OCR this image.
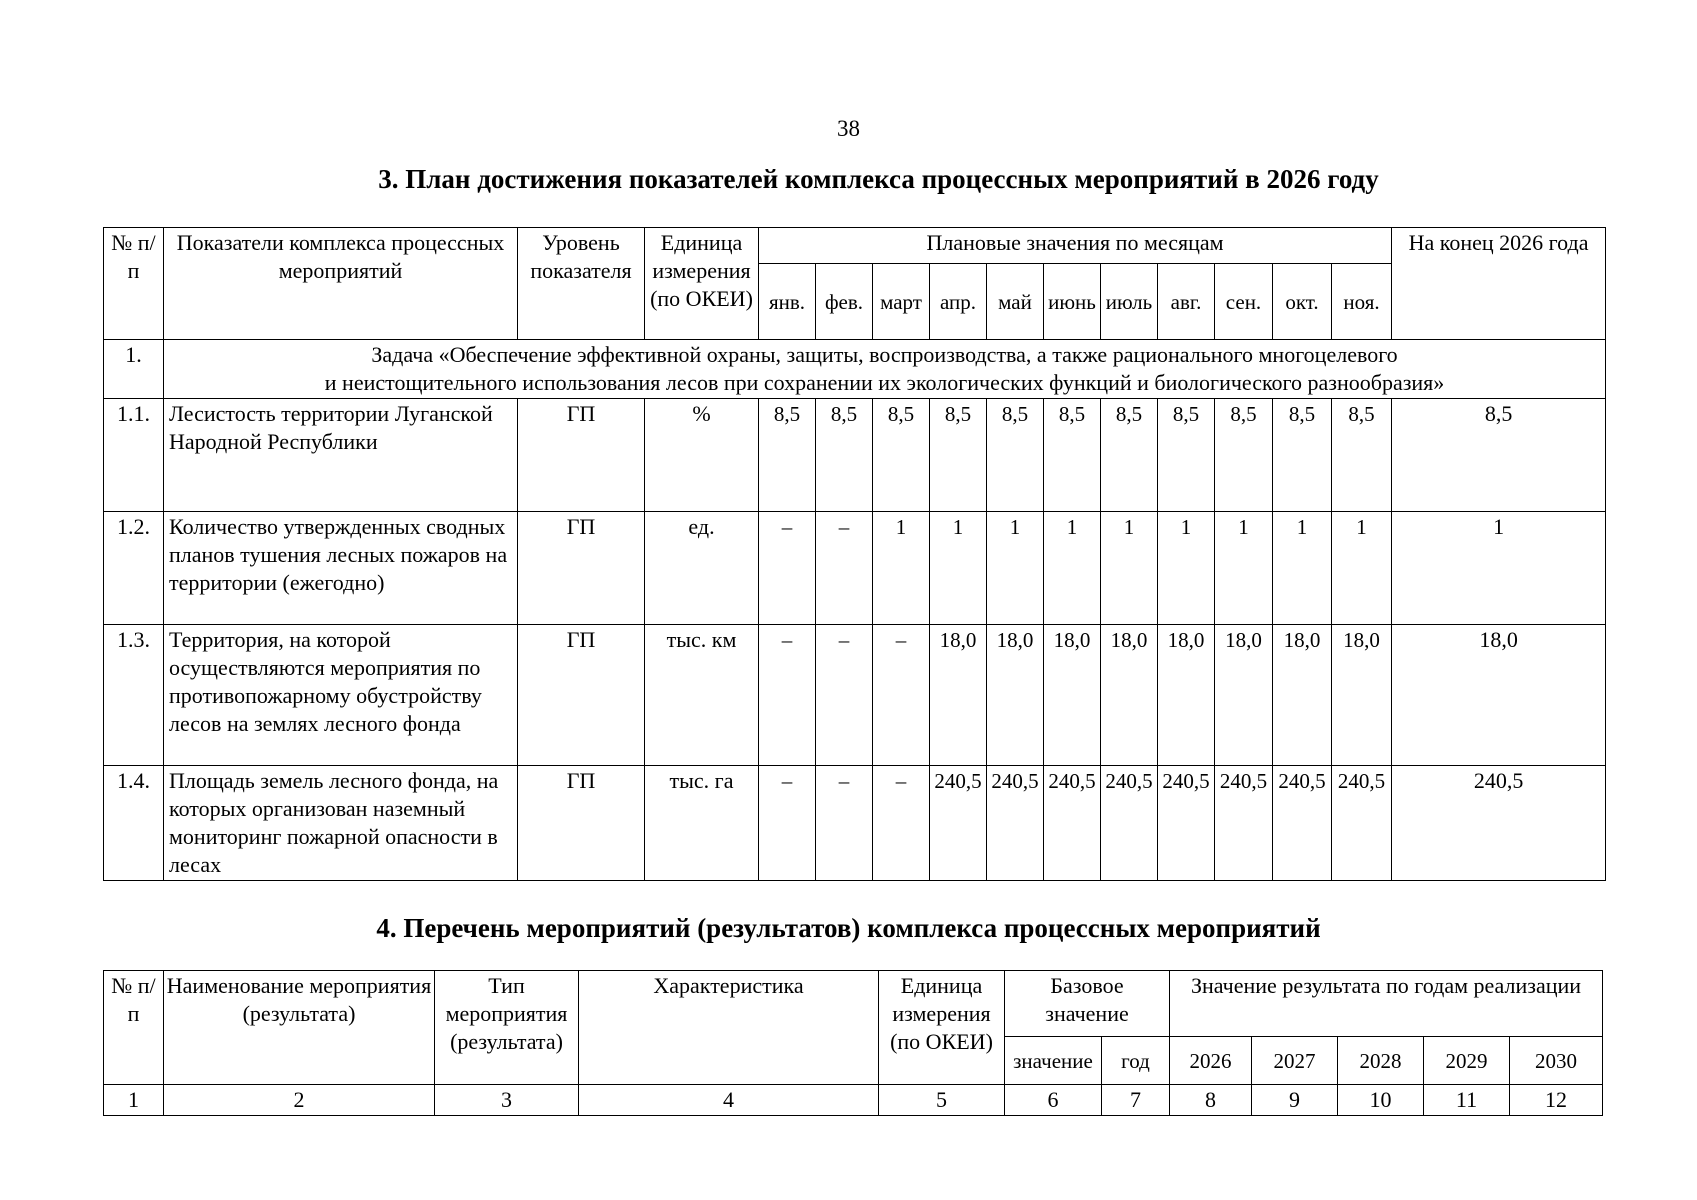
38
3. План достижения показателей комплекса процессных мероприятий в 2026 году
№ п/п	Показатели комплекса процессных мероприятий	Уровень показателя	Единица измерения (по ОКЕИ)	Плановые значения по месяцам											На конец 2026 года
				янв.	фев.	март	апр.	май	июнь	июль	авг.	сен.	окт.	ноя.	
1.	Задача «Обеспечение эффективной охраны, защиты, воспроизводства, а также рационального многоцелевого
и неистощительного использования лесов при сохранении их экологических функций и биологического разнообразия»														

1.1.	Лесистость территории Луганской Народной Республики	ГП	%	8,5	8,5	8,5	8,5	8,5	8,5	8,5	8,5	8,5	8,5	8,5	8,5
1.2.	Количество утвержденных сводных планов тушения лесных пожаров на территории (ежегодно)	ГП	ед.	–	–	1	1	1	1	1	1	1	1	1	1
1.3.	Территория, на которой осуществляются мероприятия по противопожарному обустройству лесов на землях лесного фонда	ГП	тыс. км	–	–	–	18,0	18,0	18,0	18,0	18,0	18,0	18,0	18,0	18,0
1.4.	Площадь земель лесного фонда, на которых организован наземный мониторинг пожарной опасности в лесах	ГП	тыс. га	–	–	–	240,5	240,5	240,5	240,5	240,5	240,5	240,5	240,5	240,5
4. Перечень мероприятий (результатов) комплекса процессных мероприятий
№ п/п	Наименование мероприятия (результата)	Тип мероприятия (результата)	Характеристика	Единица измерения (по ОКЕИ)	Базовое значение		Значение результата по годам реализации				
					значение	год	2026	2027	2028	2029	2030
1	2	3	4	5	6	7	8	9	10	11	12
